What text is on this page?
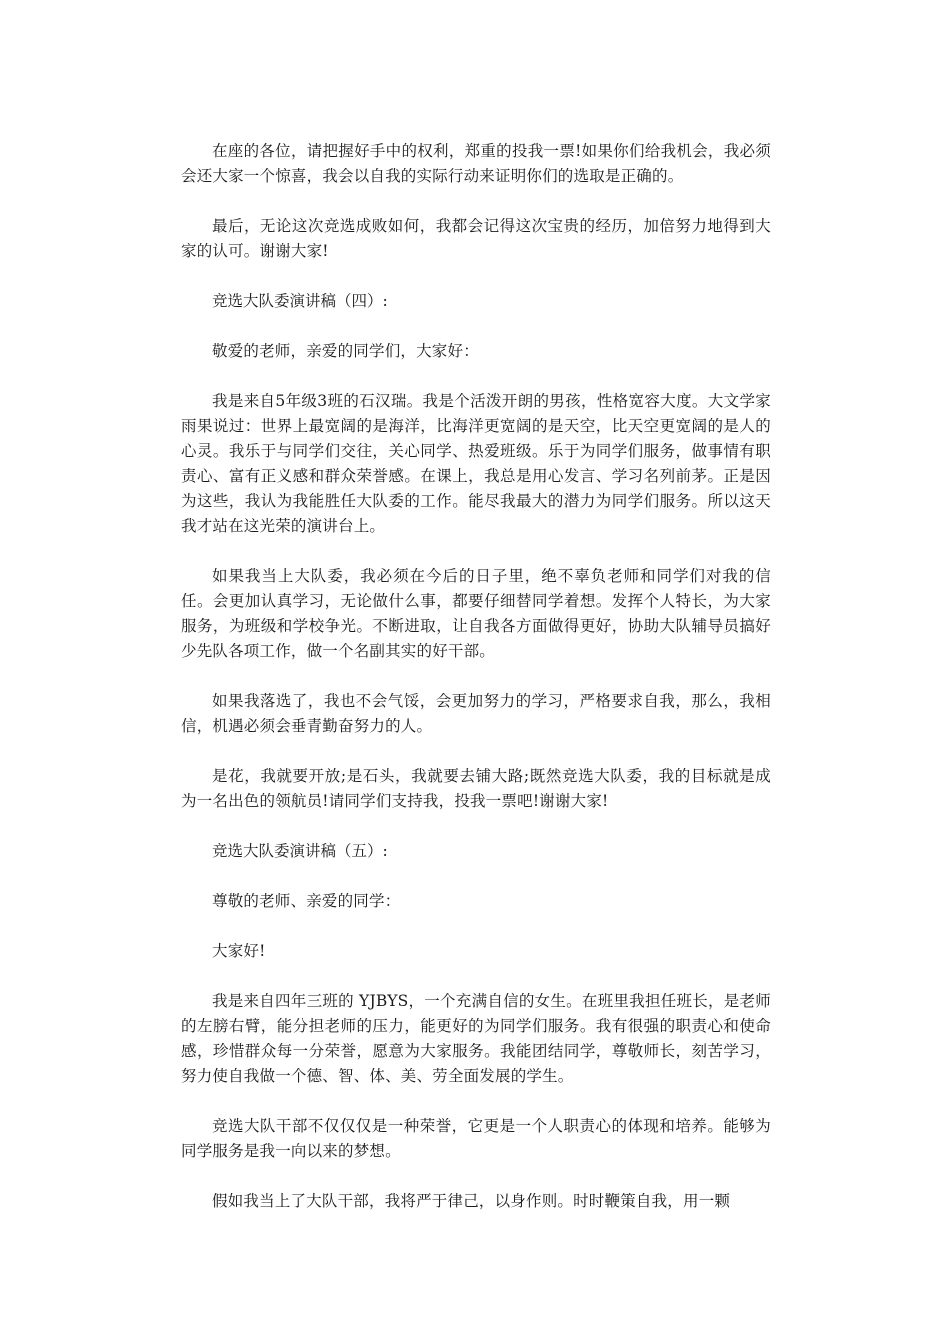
在座的各位，请把握好手中的权利，郑重的投我一票!如果你们给我机会，我必须会还大家一个惊喜，我会以自我的实际行动来证明你们的选取是正确的。

最后，无论这次竞选成败如何，我都会记得这次宝贵的经历，加倍努力地得到大家的认可。谢谢大家!

竞选大队委演讲稿（四）:

敬爱的老师，亲爱的同学们，大家好：

我是来自5年级3班的石汉瑞。我是个活泼开朗的男孩，性格宽容大度。大文学家雨果说过：世界上最宽阔的是海洋，比海洋更宽阔的是天空，比天空更宽阔的是人的心灵。我乐于与同学们交往，关心同学、热爱班级。乐于为同学们服务，做事情有职责心、富有正义感和群众荣誉感。在课上，我总是用心发言、学习名列前茅。正是因为这些，我认为我能胜任大队委的工作。能尽我最大的潜力为同学们服务。所以这天我才站在这光荣的演讲台上。

如果我当上大队委，我必须在今后的日子里，绝不辜负老师和同学们对我的信任。会更加认真学习，无论做什么事，都要仔细替同学着想。发挥个人特长，为大家服务，为班级和学校争光。不断进取，让自我各方面做得更好，协助大队辅导员搞好少先队各项工作，做一个名副其实的好干部。

如果我落选了，我也不会气馁，会更加努力的学习，严格要求自我，那么，我相信，机遇必须会垂青勤奋努力的人。

是花，我就要开放;是石头，我就要去铺大路;既然竞选大队委，我的目标就是成为一名出色的领航员!请同学们支持我，投我一票吧!谢谢大家!

竞选大队委演讲稿（五）:

尊敬的老师、亲爱的同学：

大家好!

我是来自四年三班的 YJBYS，一个充满自信的女生。在班里我担任班长，是老师的左膀右臂，能分担老师的压力，能更好的为同学们服务。我有很强的职责心和使命感，珍惜群众每一分荣誉，愿意为大家服务。我能团结同学，尊敬师长，刻苦学习，努力使自我做一个德、智、体、美、劳全面发展的学生。

竞选大队干部不仅仅仅是一种荣誉，它更是一个人职责心的体现和培养。能够为同学服务是我一向以来的梦想。

假如我当上了大队干部，我将严于律己，以身作则。时时鞭策自我，用一颗
